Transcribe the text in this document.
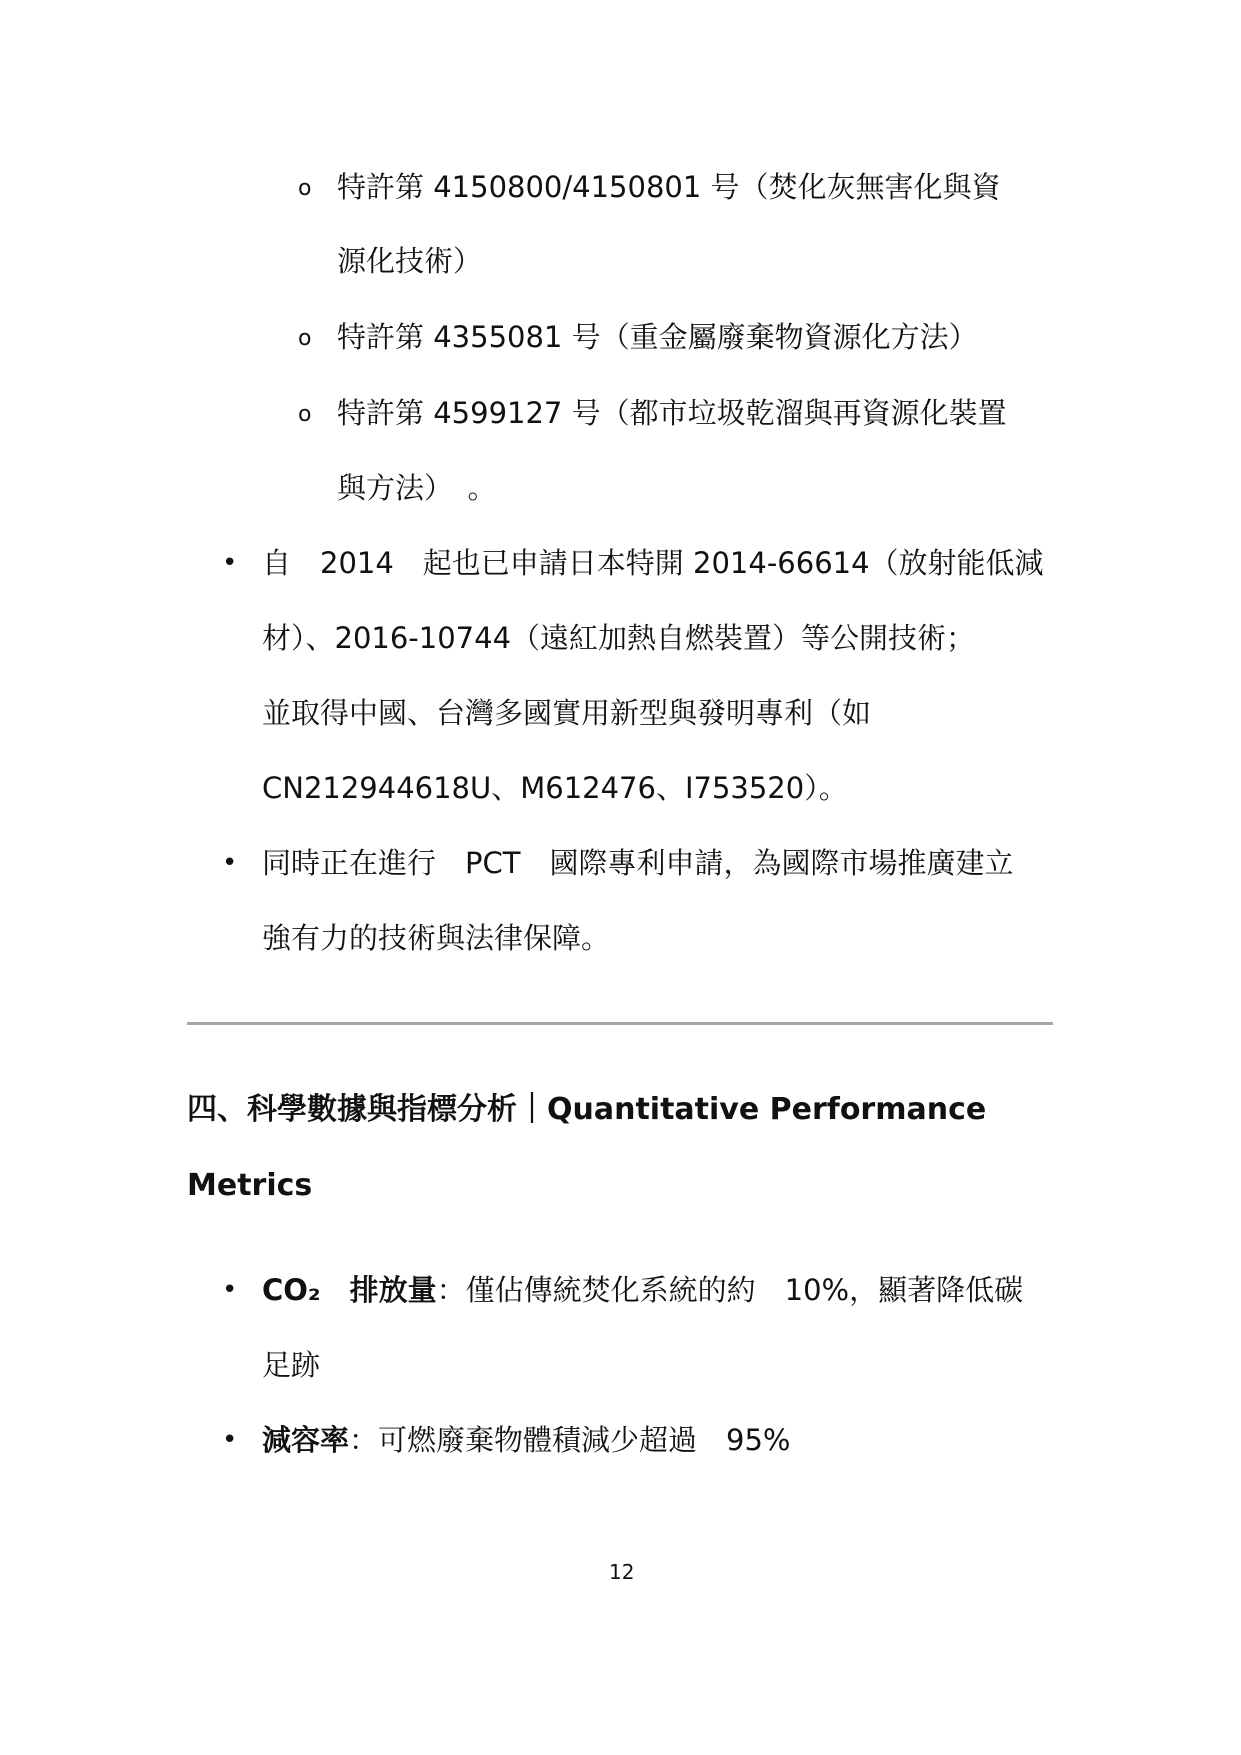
o 特許第 4150800/4150801 号（焚化灰無害化與資
源化技術）
o 特許第 4355081 号（重金屬廢棄物資源化方法）
o 特許第 4599127 号（都市垃圾乾溜與再資源化裝置
與方法）　。
• 自　2014　起也已申請日本特開 2014-66614（放射能低減
材）、2016-10744（遠紅加熱自燃裝置）等公開技術；
並取得中國、台灣多國實用新型與發明專利（如
CN212944618U、M612476、I753520）。
• 同時正在進行　PCT　國際專利申請，為國際市場推廣建立
強有力的技術與法律保障。
四、科學數據與指標分析｜Quantitative Performance
Metrics
• CO₂　排放量：僅佔傳統焚化系統的約　10%，顯著降低碳
足跡
• 減容率：可燃廢棄物體積減少超過　95%
12
